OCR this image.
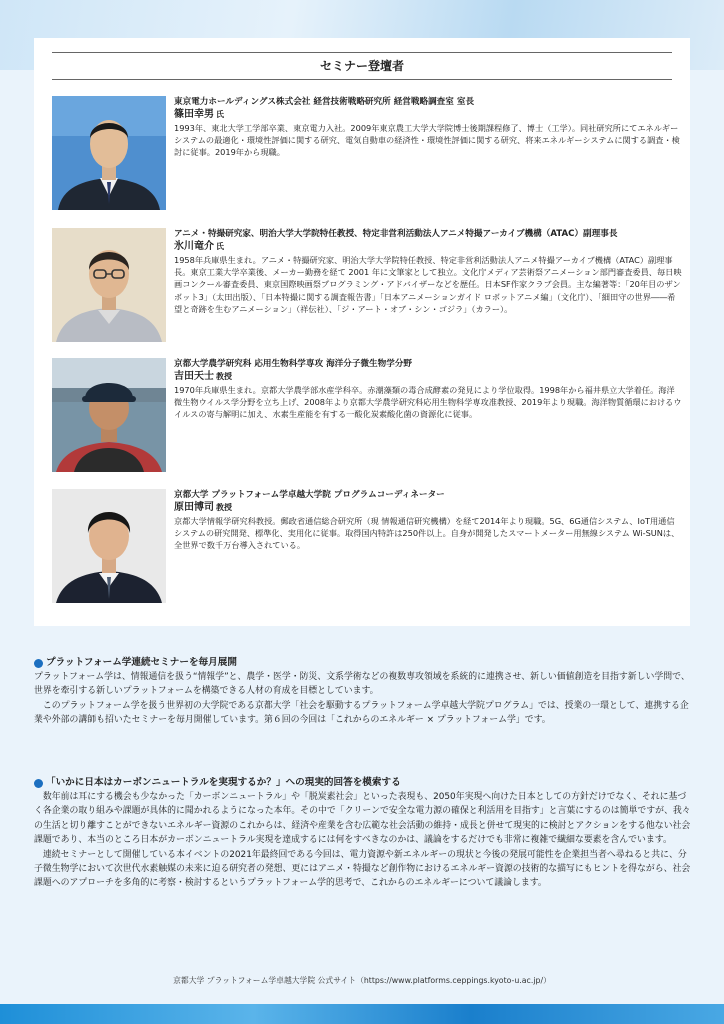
セミナー登壇者
東京電力ホールディングス株式会社 経営技術戦略研究所 経営戦略調査室 室長
篠田幸男 氏
1993年、東北大学工学部卒業、東京電力入社。2009年東京農工大学大学院博士後期課程修了、博士（工学）。同社研究所にてエネルギーシステムの最適化・環境性評価に関する研究、電気自動車の経済性・環境性評価に関する研究、将来エネルギーシステムに関する調査・検討に従事。2019年から現職。
アニメ・特撮研究家、明治大学大学院特任教授、特定非営利活動法人アニメ特撮アーカイブ機構（ATAC）副理事長
氷川竜介 氏
1958年兵庫県生まれ。アニメ・特撮研究家、明治大学大学院特任教授、特定非営利活動法人アニメ特撮アーカイブ機構（ATAC）副理事長。東京工業大学卒業後、メーカー勤務を経て 2001 年に文筆家として独立。文化庁メディア芸術祭アニメーション部門審査委員、毎日映画コンクール審査委員、東京国際映画祭プログラミング・アドバイザーなどを歴任。日本SF作家クラブ会員。主な編著等：「20年目のザンボット3」（太田出版）、「日本特撮に関する調査報告書」「日本アニメーションガイド ロボットアニメ編」（文化庁）、「細田守の世界――希望と奇跡を生むアニメーション」（祥伝社）、「ジ・アート・オブ・シン・ゴジラ」（カラー）。
京都大学農学研究科 応用生物科学専攻 海洋分子微生物学分野
吉田天士 教授
1970年兵庫県生まれ。京都大学農学部水産学科卒。赤潮藻類の毒合成酵素の発見により学位取得。1998年から福井県立大学着任。海洋微生物ウイルス学分野を立ち上げ、2008年より京都大学農学研究科応用生物科学専攻准教授、2019年より現職。海洋物質循環におけるウイルスの寄与解明に加え、水素生産能を有する一酸化炭素酸化菌の資源化に従事。
京都大学 プラットフォーム学卓越大学院 プログラムコーディネーター
原田博司 教授
京都大学情報学研究科教授。郵政省通信総合研究所（現 情報通信研究機構）を経て2014年より現職。5G、6G通信システム、IoT用通信システムの研究開発、標準化、実用化に従事。取得国内特許は250件以上。自身が開発したスマートメーター用無線システム Wi-SUNは、全世界で数千万台導入されている。
プラットフォーム学連続セミナーを毎月展開

プラットフォーム学は、情報通信を扱う“情報学”と、農学・医学・防災、文系学術などの複数専攻領域を系統的に連携させ、新しい価値創造を目指す新しい学問で、世界を牽引する新しいプラットフォームを構築できる人材の育成を目標としています。

このプラットフォーム学を扱う世界初の大学院である京都大学「社会を駆動するプラットフォーム学卓越大学院プログラム」では、授業の一環として、連携する企業や外部の講師も招いたセミナーを毎月開催しています。第６回の今回は「これからのエネルギー × プラットフォーム学」です。

「いかに日本はカーボンニュートラルを実現するか？」への現実的回答を模索する

数年前は耳にする機会も少なかった「カーボンニュートラル」や「脱炭素社会」といった表現も、2050年実現へ向けた日本としての方針だけでなく、それに基づく各企業の取り組みや課題が具体的に聞かれるようになった本年。その中で「クリーンで安全な電力源の確保と利活用を目指す」と言葉にするのは簡単ですが、我々の生活と切り離すことができないエネルギー資源のこれからは、経済や産業を含む広範な社会活動の維持・成長と併せて現実的に検討とアクションをする他ない社会課題であり、本当のところ日本がカーボンニュートラル実現を達成するには何をすべきなのかは、議論をするだけでも非常に複雑で繊細な要素を含んでいます。

連続セミナーとして開催している本イベントの2021年最終回である今回は、電力資源や新エネルギーの現状と今後の発展可能性を企業担当者へ尋ねると共に、分子微生物学において次世代水素触媒の未来に迫る研究者の発想、更にはアニメ・特撮など創作物におけるエネルギー資源の技術的な描写にもヒントを得ながら、社会課題へのアプローチを多角的に考察・検討するというプラットフォーム学的思考で、これからのエネルギーについて議論します。

京都大学 プラットフォーム学卓越大学院 公式サイト（https://www.platforms.ceppings.kyoto-u.ac.jp/）
